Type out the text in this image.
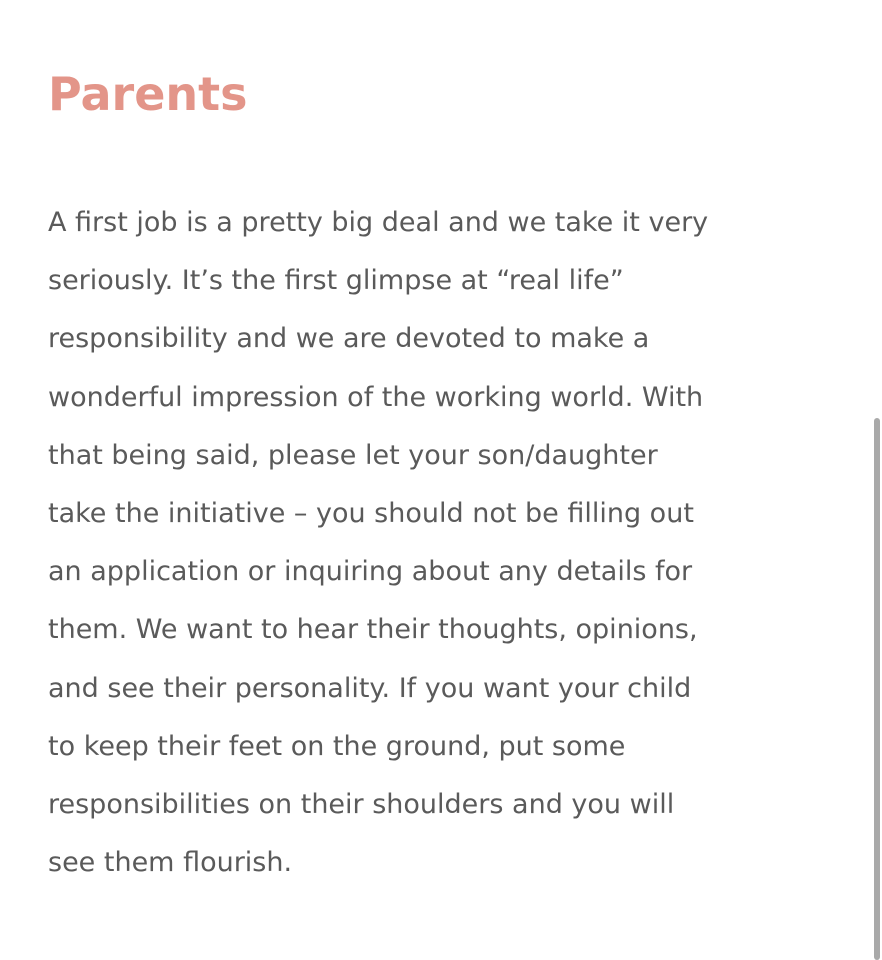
Parents

A first job is a pretty big deal and we take it very
seriously. It’s the first glimpse at “real life”
responsibility and we are devoted to make a
wonderful impression of the working world. With
that being said, please let your son/daughter
take the initiative – you should not be filling out
an application or inquiring about any details for
them. We want to hear their thoughts, opinions,
and see their personality. If you want your child
to keep their feet on the ground, put some
responsibilities on their shoulders and you will
see them flourish.
